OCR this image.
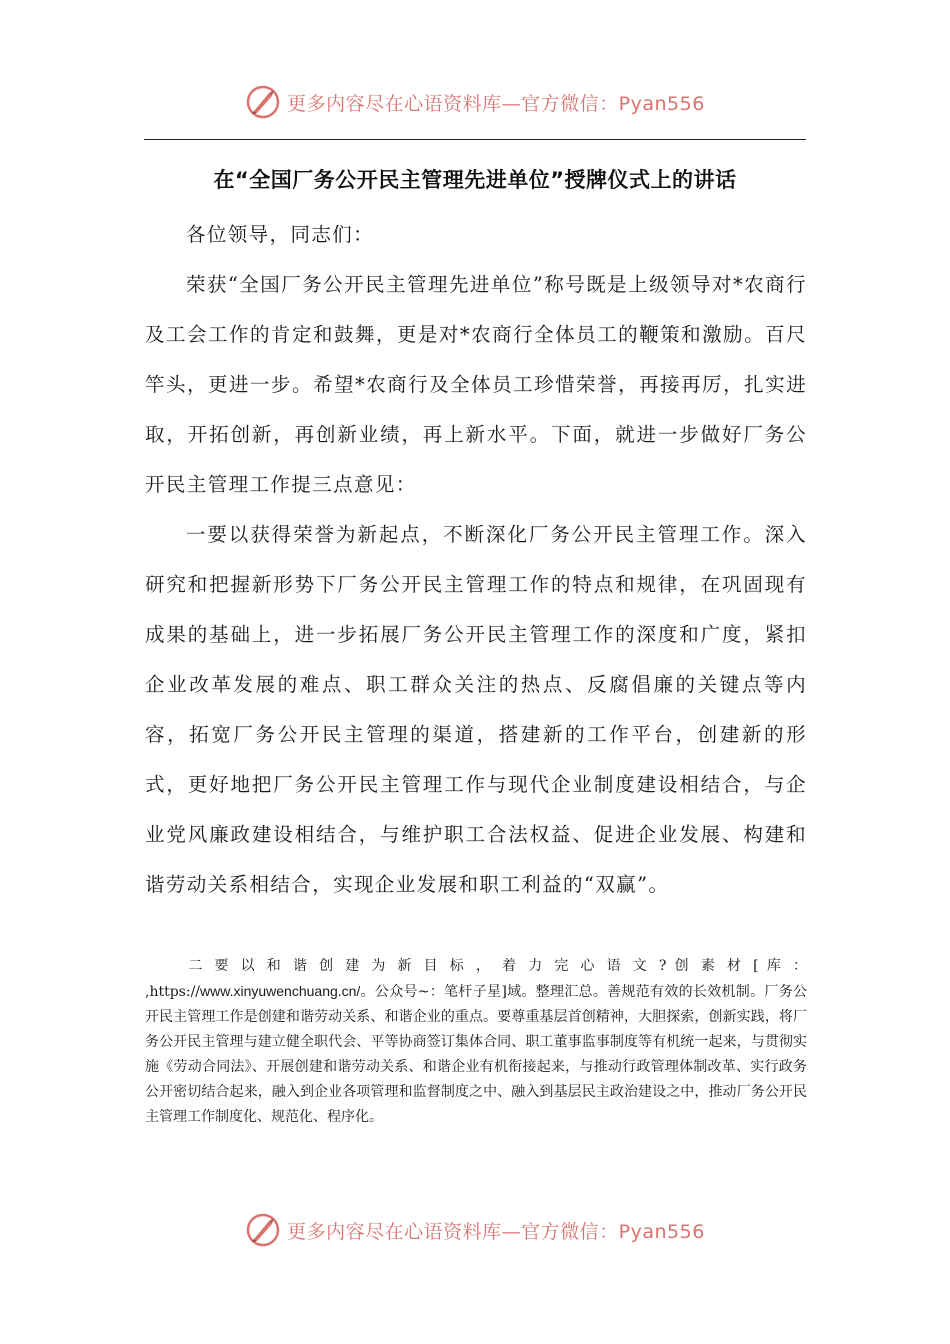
更多内容尽在心语资料库—官方微信：Pyan556
在“全国厂务公开民主管理先进单位”授牌仪式上的讲话

各位领导，同志们：

荣获“全国厂务公开民主管理先进单位”称号既是上级领导对*农商行及工会工作的肯定和鼓舞，更是对*农商行全体员工的鞭策和激励。百尺竿头，更进一步。希望*农商行及全体员工珍惜荣誉，再接再厉，扎实进取，开拓创新，再创新业绩，再上新水平。下面，就进一步做好厂务公开民主管理工作提三点意见：

一要以获得荣誉为新起点，不断深化厂务公开民主管理工作。深入研究和把握新形势下厂务公开民主管理工作的特点和规律，在巩固现有成果的基础上，进一步拓展厂务公开民主管理工作的深度和广度，紧扣企业改革发展的难点、职工群众关注的热点、反腐倡廉的关键点等内容，拓宽厂务公开民主管理的渠道，搭建新的工作平台，创建新的形式，更好地把厂务公开民主管理工作与现代企业制度建设相结合，与企业党风廉政建设相结合，与维护职工合法权益、促进企业发展、构建和谐劳动关系相结合，实现企业发展和职工利益的“双赢”。

二 要 以 和 谐 创 建 为 新 目 标 ， 着 力 完 心 语 文 ? 创 素 材 [ 库 ： ,https://www.xinyuwenchuang.cn/。公众号~：笔杆子星]域。整理汇总。善规范有效的长效机制。厂务公开民主管理工作是创建和谐劳动关系、和谐企业的重点。要尊重基层首创精神，大胆探索，创新实践，将厂务公开民主管理与建立健全职代会、平等协商签订集体合同、职工董事监事制度等有机统一起来，与贯彻实施《劳动合同法》、开展创建和谐劳动关系、和谐企业有机衔接起来，与推动行政管理体制改革、实行政务公开密切结合起来，融入到企业各项管理和监督制度之中、融入到基层民主政治建设之中，推动厂务公开民主管理工作制度化、规范化、程序化。

更多内容尽在心语资料库—官方微信：Pyan556
